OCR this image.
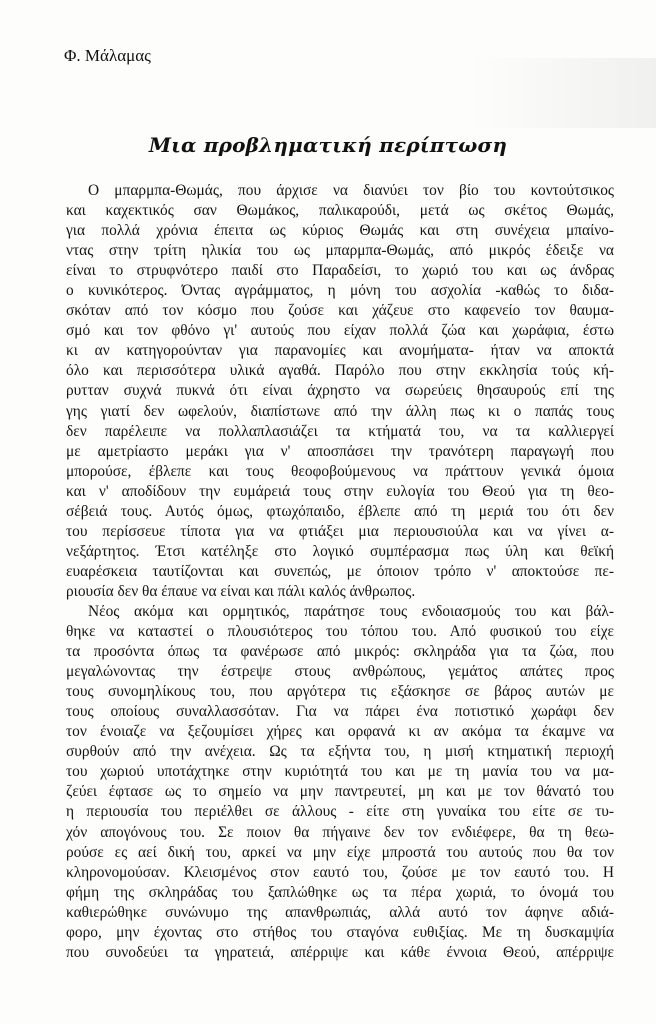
Φ. Μάλαμας
Μια προβληματική περίπτωση
Ο μπαρμπα-Θωμάς, που άρχισε να διανύει τον βίο του κοντούτσικος
και καχεκτικός σαν Θωμάκος, παλικαρούδι, μετά ως σκέτος Θωμάς,
για πολλά χρόνια έπειτα ως κύριος Θωμάς και στη συνέχεια μπαίνο-
ντας στην τρίτη ηλικία του ως μπαρμπα-Θωμάς, από μικρός έδειξε να
είναι το στρυφνότερο παιδί στο Παραδείσι, το χωριό του και ως άνδρας
ο κυνικότερος. Όντας αγράμματος, η μόνη του ασχολία -καθώς το διδα-
σκόταν από τον κόσμο που ζούσε και χάζευε στο καφενείο τον θαυμα-
σμό και τον φθόνο γι' αυτούς που είχαν πολλά ζώα και χωράφια, έστω
κι αν κατηγορούνταν για παρανομίες και ανομήματα- ήταν να αποκτά
όλο και περισσότερα υλικά αγαθά. Παρόλο που στην εκκλησία τούς κή-
ρυτταν συχνά πυκνά ότι είναι άχρηστο να σωρεύεις θησαυρούς επί της
γης γιατί δεν ωφελούν, διαπίστωνε από την άλλη πως κι ο παπάς τους
δεν παρέλειπε να πολλαπλασιάζει τα κτήματά του, να τα καλλιεργεί
με αμετρίαστο μεράκι για ν' αποσπάσει την τρανότερη παραγωγή που
μπορούσε, έβλεπε και τους θεοφοβούμενους να πράττουν γενικά όμοια
και ν' αποδίδουν την ευμάρειά τους στην ευλογία του Θεού για τη θεο-
σέβειά τους. Αυτός όμως, φτωχόπαιδο, έβλεπε από τη μεριά του ότι δεν
του περίσσευε τίποτα για να φτιάξει μια περιουσιούλα και να γίνει α-
νεξάρτητος. Έτσι κατέληξε στο λογικό συμπέρασμα πως ύλη και θεϊκή
ευαρέσκεια ταυτίζονται και συνεπώς, με όποιον τρόπο ν' αποκτούσε πε-
ριουσία δεν θα έπαυε να είναι και πάλι καλός άνθρωπος.
Νέος ακόμα και ορμητικός, παράτησε τους ενδοιασμούς του και βάλ-
θηκε να καταστεί ο πλουσιότερος του τόπου του. Από φυσικού του είχε
τα προσόντα όπως τα φανέρωσε από μικρός: σκληράδα για τα ζώα, που
μεγαλώνοντας την έστρεψε στους ανθρώπους, γεμάτος απάτες προς
τους συνομηλίκους του, που αργότερα τις εξάσκησε σε βάρος αυτών με
τους οποίους συναλλασσόταν. Για να πάρει ένα ποτιστικό χωράφι δεν
τον ένοιαζε να ξεζουμίσει χήρες και ορφανά κι αν ακόμα τα έκαμνε να
συρθούν από την ανέχεια. Ως τα εξήντα του, η μισή κτηματική περιοχή
του χωριού υποτάχτηκε στην κυριότητά του και με τη μανία του να μα-
ζεύει έφτασε ως το σημείο να μην παντρευτεί, μη και με τον θάνατό του
η περιουσία του περιέλθει σε άλλους - είτε στη γυναίκα του είτε σε τυ-
χόν απογόνους του. Σε ποιον θα πήγαινε δεν τον ενδιέφερε, θα τη θεω-
ρούσε ες αεί δική του, αρκεί να μην είχε μπροστά του αυτούς που θα τον
κληρονομούσαν. Κλεισμένος στον εαυτό του, ζούσε με τον εαυτό του. Η
φήμη της σκληράδας του ξαπλώθηκε ως τα πέρα χωριά, το όνομά του
καθιερώθηκε συνώνυμο της απανθρωπιάς, αλλά αυτό τον άφηνε αδιά-
φορο, μην έχοντας στο στήθος του σταγόνα ευθιξίας. Με τη δυσκαμψία
που συνοδεύει τα γηρατειά, απέρριψε και κάθε έννοια Θεού, απέρριψε
